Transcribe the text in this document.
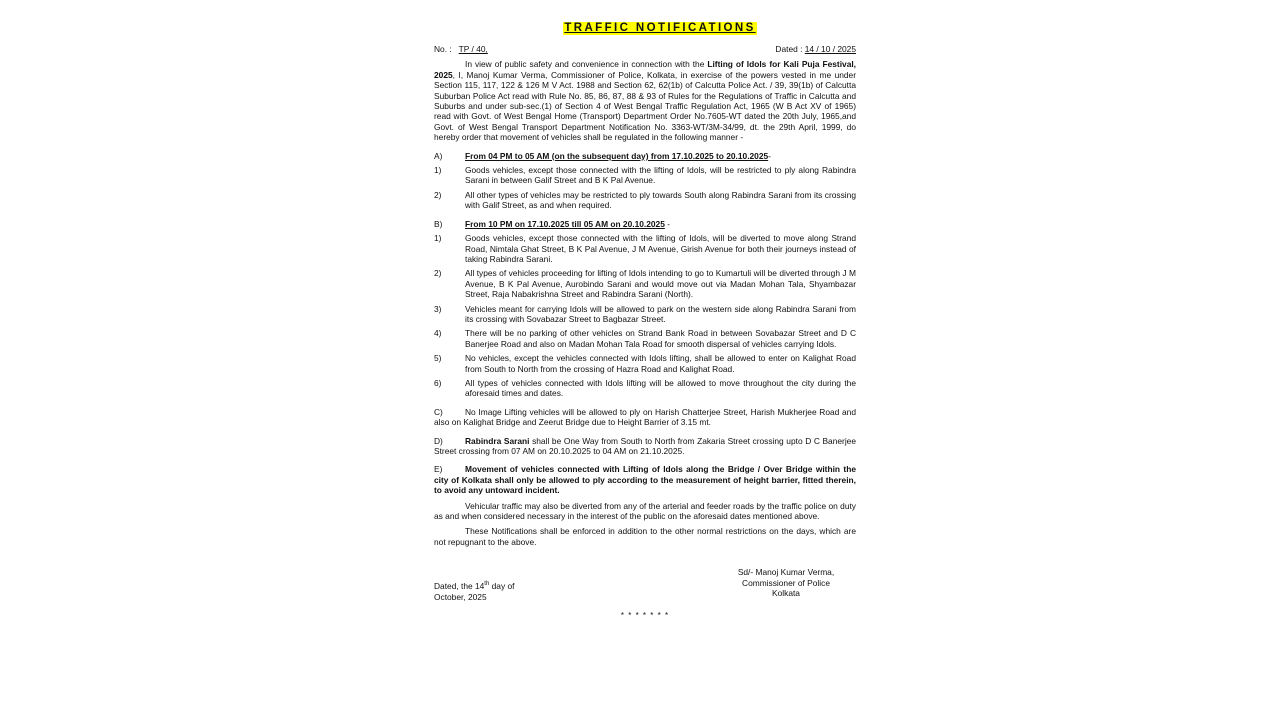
TRAFFIC NOTIFICATIONS
No. : TP / 40,	Dated : 14 / 10 / 2025
In view of public safety and convenience in connection with the Lifting of Idols for Kali Puja Festival, 2025, I, Manoj Kumar Verma, Commissioner of Police, Kolkata, in exercise of the powers vested in me under Section 115, 117, 122 & 126 M V Act. 1988 and Section 62, 62(1b) of Calcutta Police Act. / 39, 39(1b) of Calcutta Suburban Police Act read with Rule No. 85, 86, 87, 88 & 93 of Rules for the Regulations of Traffic in Calcutta and Suburbs and under sub-sec.(1) of Section 4 of West Bengal Traffic Regulation Act, 1965 (W B Act XV of 1965) read with Govt. of West Bengal Home (Transport) Department Order No.7605-WT dated the 20th July, 1965,and Govt. of West Bengal Transport Department Notification No. 3363-WT/3M-34/99, dt. the 29th April, 1999, do hereby order that movement of vehicles shall be regulated in the following manner -
A)	From 04 PM to 05 AM (on the subsequent day) from 17.10.2025 to 20.10.2025-
1)	Goods vehicles, except those connected with the lifting of Idols, will be restricted to ply along Rabindra Sarani in between Galif Street and B K Pal Avenue.
2)	All other types of vehicles may be restricted to ply towards South along Rabindra Sarani from its crossing with Galif Street, as and when required.
B)	From 10 PM on 17.10.2025 till 05 AM on 20.10.2025 -
1)	Goods vehicles, except those connected with the lifting of Idols, will be diverted to move along Strand Road, Nimtala Ghat Street, B K Pal Avenue, J M Avenue, Girish Avenue for both their journeys instead of taking Rabindra Sarani.
2)	All types of vehicles proceeding for lifting of Idols intending to go to Kumartuli will be diverted through J M Avenue, B K Pal Avenue, Aurobindo Sarani and would move out via Madan Mohan Tala, Shyambazar Street, Raja Nabakrishna Street and Rabindra Sarani (North).
3)	Vehicles meant for carrying Idols will be allowed to park on the western side along Rabindra Sarani from its crossing with Sovabazar Street to Bagbazar Street.
4)	There will be no parking of other vehicles on Strand Bank Road in between Sovabazar Street and D C Banerjee Road and also on Madan Mohan Tala Road for smooth dispersal of vehicles carrying Idols.
5)	No vehicles, except the vehicles connected with Idols lifting, shall be allowed to enter on Kalighat Road from South to North from the crossing of Hazra Road and Kalighat Road.
6)	All types of vehicles connected with Idols lifting will be allowed to move throughout the city during the aforesaid times and dates.
C)	No Image Lifting vehicles will be allowed to ply on Harish Chatterjee Street, Harish Mukherjee Road and also on Kalighat Bridge and Zeerut Bridge due to Height Barrier of 3.15 mt.
D)	Rabindra Sarani shall be One Way from South to North from Zakaria Street crossing upto D C Banerjee Street crossing from 07 AM on 20.10.2025 to 04 AM on 21.10.2025.
E)	Movement of vehicles connected with Lifting of Idols along the Bridge / Over Bridge within the city of Kolkata shall only be allowed to ply according to the measurement of height barrier, fitted therein, to avoid any untoward incident.
Vehicular traffic may also be diverted from any of the arterial and feeder roads by the traffic police on duty as and when considered necessary in the interest of the public on the aforesaid dates mentioned above.
These Notifications shall be enforced in addition to the other normal restrictions on the days, which are not repugnant to the above.
Dated, the 14th day of
October, 2025
Sd/- Manoj Kumar Verma,
Commissioner of Police
Kolkata
* * * * * * *
